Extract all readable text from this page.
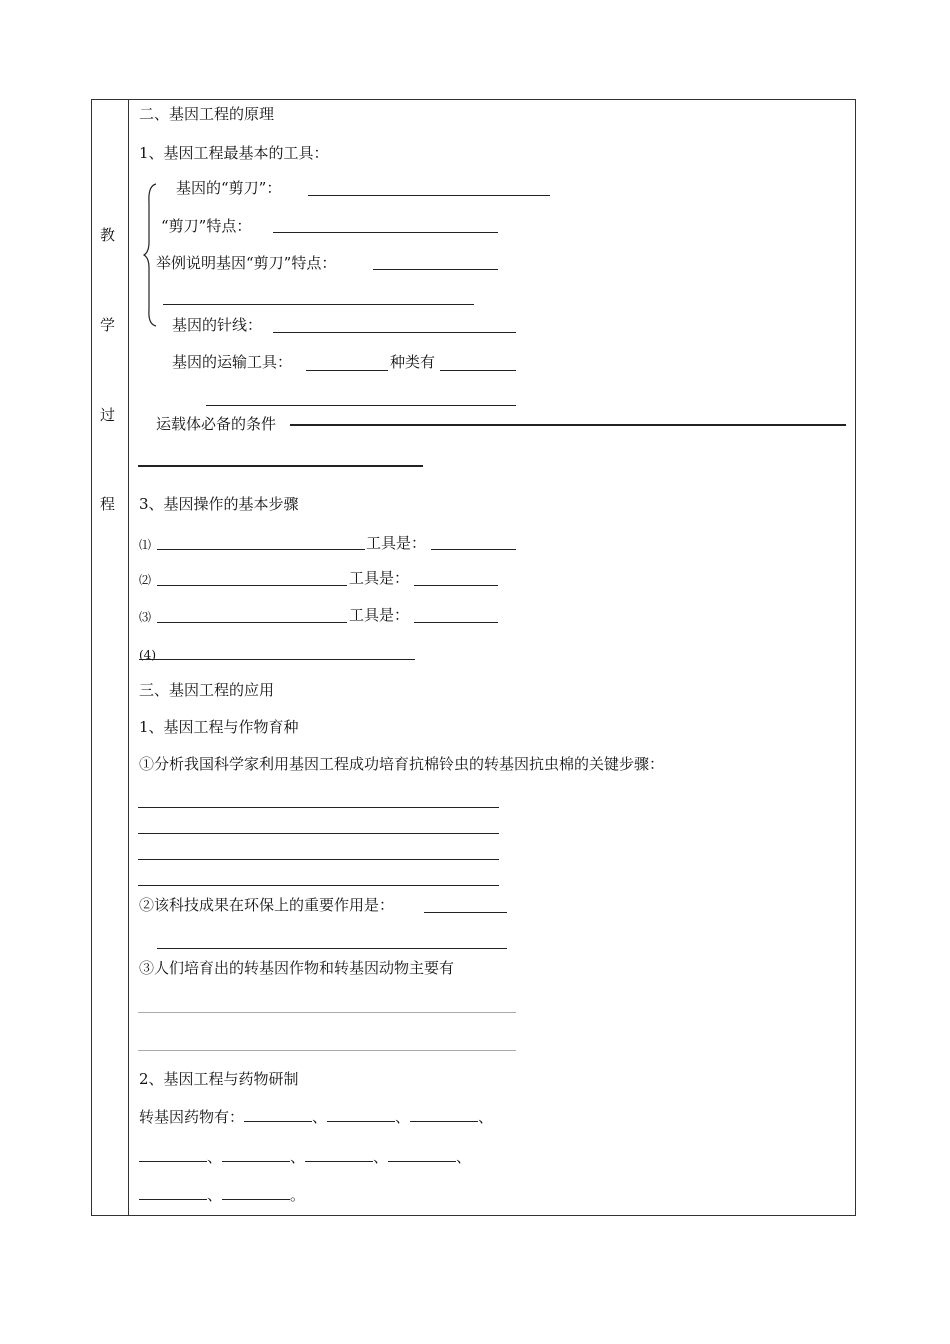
教
学
过
程
二、基因工程的原理
1、基因工程最基本的工具：
基因的“剪刀”：
“剪刀”特点：
举例说明基因“剪刀”特点：
基因的针线：
基因的运输工具：	种类有
运载体必备的条件
3、基因操作的基本步骤
⑴	工具是：
⑵	工具是：
⑶	工具是：
(4)
三、基因工程的应用
1、基因工程与作物育种
①分析我国科学家利用基因工程成功培育抗棉铃虫的转基因抗虫棉的关键步骤：
②该科技成果在环保上的重要作用是：
③人们培育出的转基因作物和转基因动物主要有
2、基因工程与药物研制
转基因药物有：	、	、	、
、	、	、	、
、	。
